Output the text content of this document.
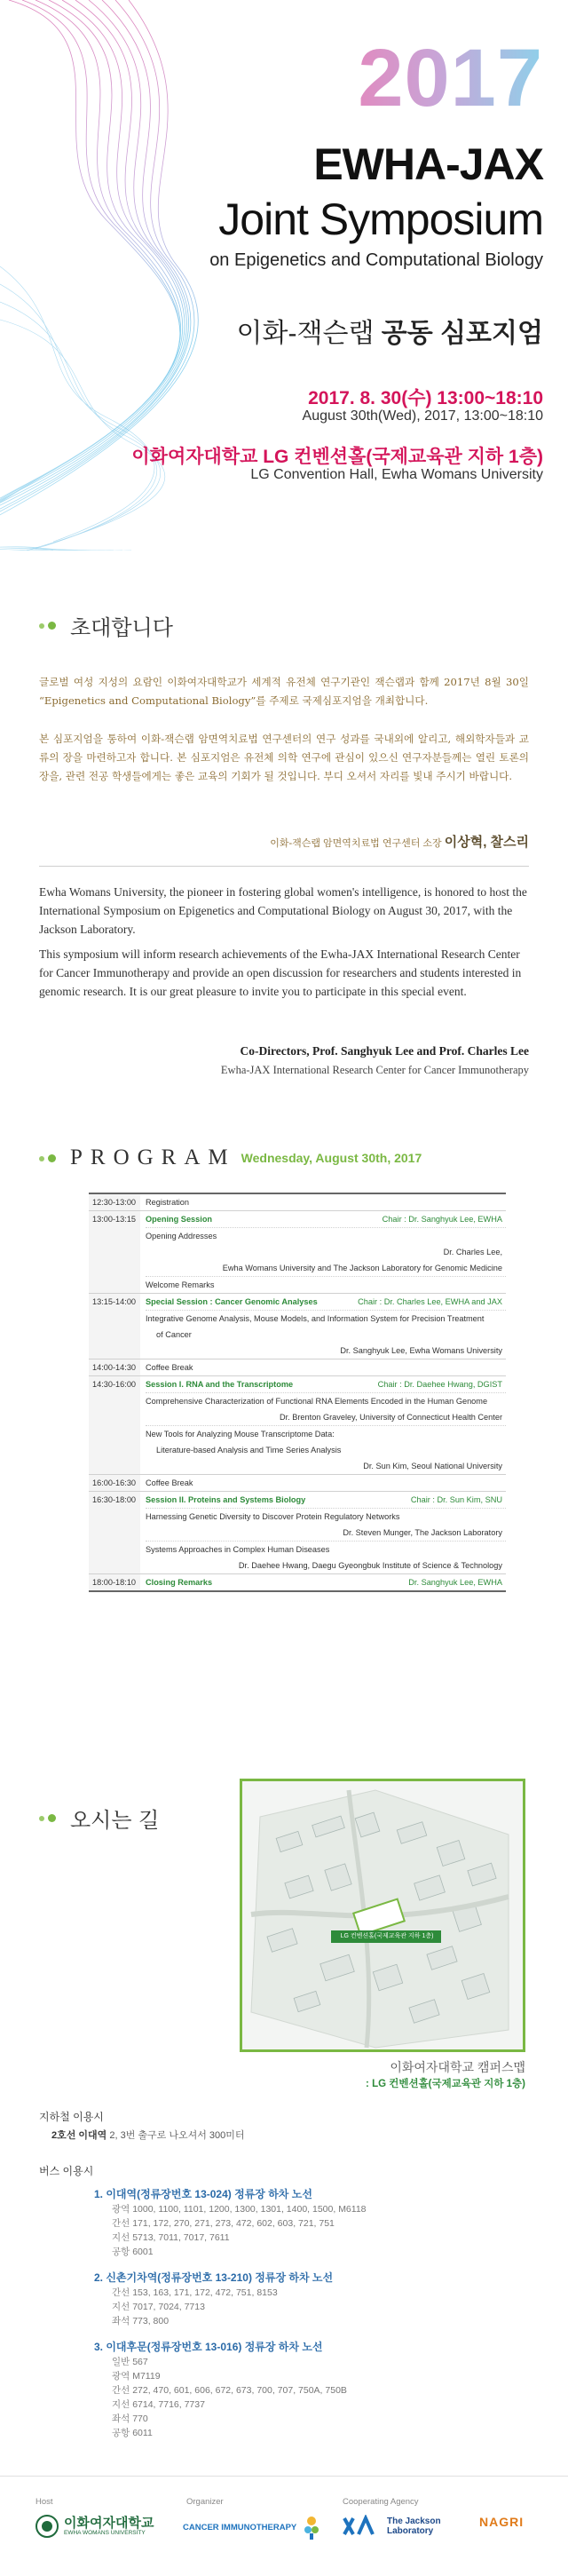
2017
EWHA-JAX
Joint Symposium
on Epigenetics and Computational Biology
이화-잭슨랩 공동 심포지엄
2017. 8. 30(수) 13:00~18:10
August 30th(Wed), 2017, 13:00~18:10
이화여자대학교 LG 컨벤션홀(국제교육관 지하 1층)
LG Convention Hall, Ewha Womans University
초대합니다

글로벌 여성 지성의 요람인 이화여자대학교가 세계적 유전체 연구기관인 잭슨랩과 함께 2017년 8월 30일 “Epigenetics and Computational Biology”를 주제로 국제심포지엄을 개최합니다.

본 심포지엄을 통하여 이화-잭슨랩 암면역치료법 연구센터의 연구 성과를 국내외에 알리고, 해외학자들과 교류의 장을 마련하고자 합니다. 본 심포지엄은 유전체 의학 연구에 관심이 있으신 연구자분들께는 열린 토론의 장을, 관련 전공 학생들에게는 좋은 교육의 기회가 될 것입니다. 부디 오셔서 자리를 빛내 주시기 바랍니다.

이화-잭슨랩 암면역치료법 연구센터 소장 이상혁, 찰스리

Ewha Womans University, the pioneer in fostering global women's intelligence, is honored to host the International Symposium on Epigenetics and Computational Biology on August 30, 2017, with the Jackson Laboratory.

This symposium will inform research achievements of the Ewha-JAX International Research Center for Cancer Immunotherapy and provide an open discussion for researchers and students interested in genomic research. It is our great pleasure to invite you to participate in this special event.

Co-Directors, Prof. Sanghyuk Lee and Prof. Charles Lee
Ewha-JAX International Research Center for Cancer Immunotherapy
PROGRAM Wednesday, August 30th, 2017
12:30-13:00	Registration
13:00-13:15	Opening Session	Chair : Dr. Sanghyuk Lee, EWHA
Opening Addresses
Dr. Charles Lee,
Ewha Womans University and The Jackson Laboratory for Genomic Medicine
Welcome Remarks
13:15-14:00	Special Session : Cancer Genomic Analyses	Chair : Dr. Charles Lee, EWHA and JAX
Integrative Genome Analysis, Mouse Models, and Information System for Precision Treatment
of Cancer
Dr. Sanghyuk Lee, Ewha Womans University
14:00-14:30	Coffee Break
14:30-16:00	Session I. RNA and the Transcriptome	Chair : Dr. Daehee Hwang, DGIST
Comprehensive Characterization of Functional RNA Elements Encoded in the Human Genome
Dr. Brenton Graveley, University of Connecticut Health Center
New Tools for Analyzing Mouse Transcriptome Data:
Literature-based Analysis and Time Series Analysis
Dr. Sun Kim, Seoul National University
16:00-16:30	Coffee Break
16:30-18:00	Session II. Proteins and Systems Biology	Chair : Dr. Sun Kim, SNU
Harnessing Genetic Diversity to Discover Protein Regulatory Networks
Dr. Steven Munger, The Jackson Laboratory
Systems Approaches in Complex Human Diseases
Dr. Daehee Hwang, Daegu Gyeongbuk Institute of Science & Technology
18:00-18:10	Closing Remarks	Dr. Sanghyuk Lee, EWHA
오시는 길
LG 컨벤션홀(국제교육관 지하 1층)
이화여자대학교 캠퍼스맵
: LG 컨벤션홀(국제교육관 지하 1층)
지하철 이용시
2호선 이대역 2, 3번 출구로 나오셔서 300미터
버스 이용시
1. 이대역(정류장번호 13-024) 정류장 하차 노선
광역 1000, 1100, 1101, 1200, 1300, 1301, 1400, 1500, M6118
간선 171, 172, 270, 271, 273, 472, 602, 603, 721, 751
지선 5713, 7011, 7017, 7611
공항 6001
2. 신촌기차역(정류장번호 13-210) 정류장 하차 노선
간선 153, 163, 171, 172, 472, 751, 8153
지선 7017, 7024, 7713
좌석 773, 800
3. 이대후문(정류장번호 13-016) 정류장 하차 노선
일반 567
광역 M7119
간선 272, 470, 601, 606, 672, 673, 700, 707, 750A, 750B
지선 6714, 7716, 7737
좌석 770
공항 6011
Host
이화여자대학교
EWHA WOMANS UNIVERSITY
Organizer
CANCER IMMUNOTHERAPY
Cooperating Agency
The Jackson
Laboratory
NAGRI
